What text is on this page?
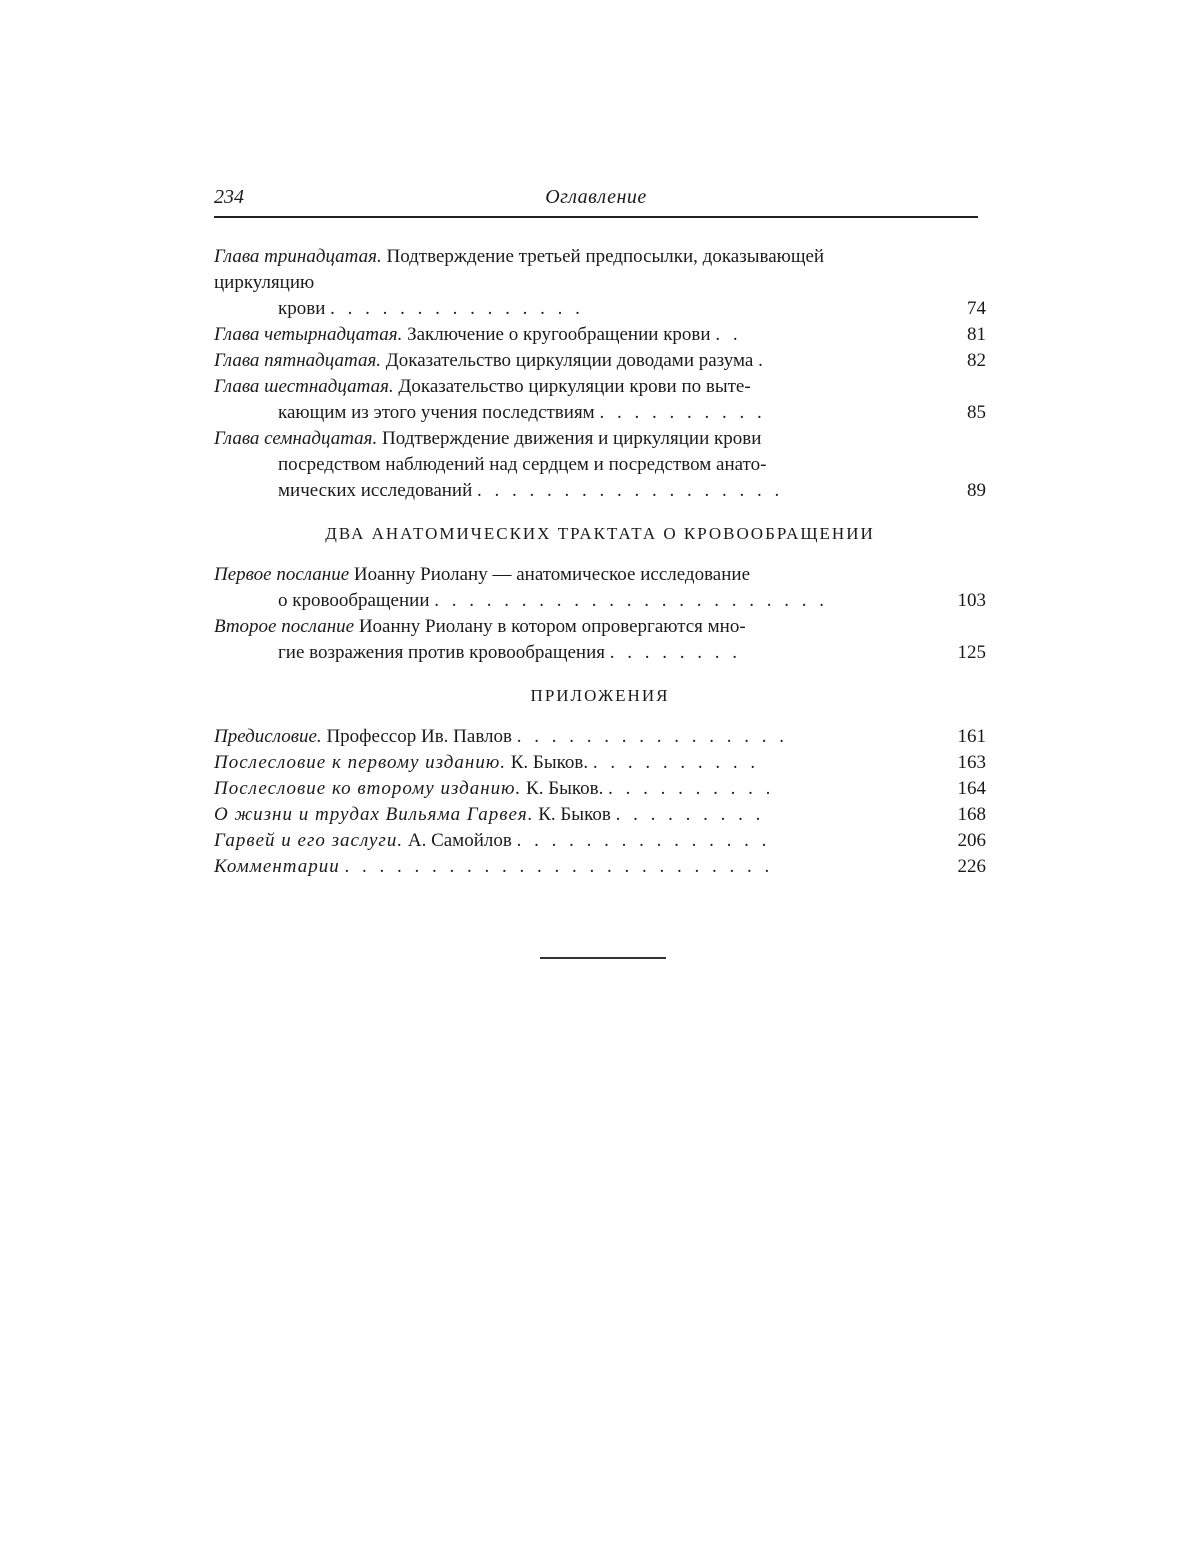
234	Оглавление
Глава тринадцатая. Подтверждение третьей предпосылки, доказывающей циркуляцию
крови . . . . . . . . . . . . . . .	74
Глава четырнадцатая. Заключение о кругообращении крови . .	81
Глава пятнадцатая. Доказательство циркуляции доводами разума .	82
Глава шестнадцатая. Доказательство циркуляции крови по выте-
кающим из этого учения последствиям . . . . . . . . . .	85
Глава семнадцатая. Подтверждение движения и циркуляции крови
посредством наблюдений над сердцем и посредством анато-
мических исследований . . . . . . . . . . . . . . . . . .	89
ДВА АНАТОМИЧЕСКИХ ТРАКТАТА О КРОВООБРАЩЕНИИ
Первое послание Иоанну Риолану — анатомическое исследование
о кровообращении . . . . . . . . . . . . . . . . . . . . . . .	103
Второе послание Иоанну Риолану в котором опровергаются мно-
гие возражения против кровообращения . . . . . . . .	125
ПРИЛОЖЕНИЯ
Предисловие. Профессор Ив. Павлов . . . . . . . . . . . . . . . .	161
Послесловие к первому изданию. К. Быков. . . . . . . . . . .	163
Послесловие ко второму изданию. К. Быков. . . . . . . . . . .	164
О жизни и трудах Вильяма Гарвея. К. Быков . . . . . . . . .	168
Гарвей и его заслуги. А. Самойлов . . . . . . . . . . . . . . .	206
Комментарии . . . . . . . . . . . . . . . . . . . . . . . . .	226
